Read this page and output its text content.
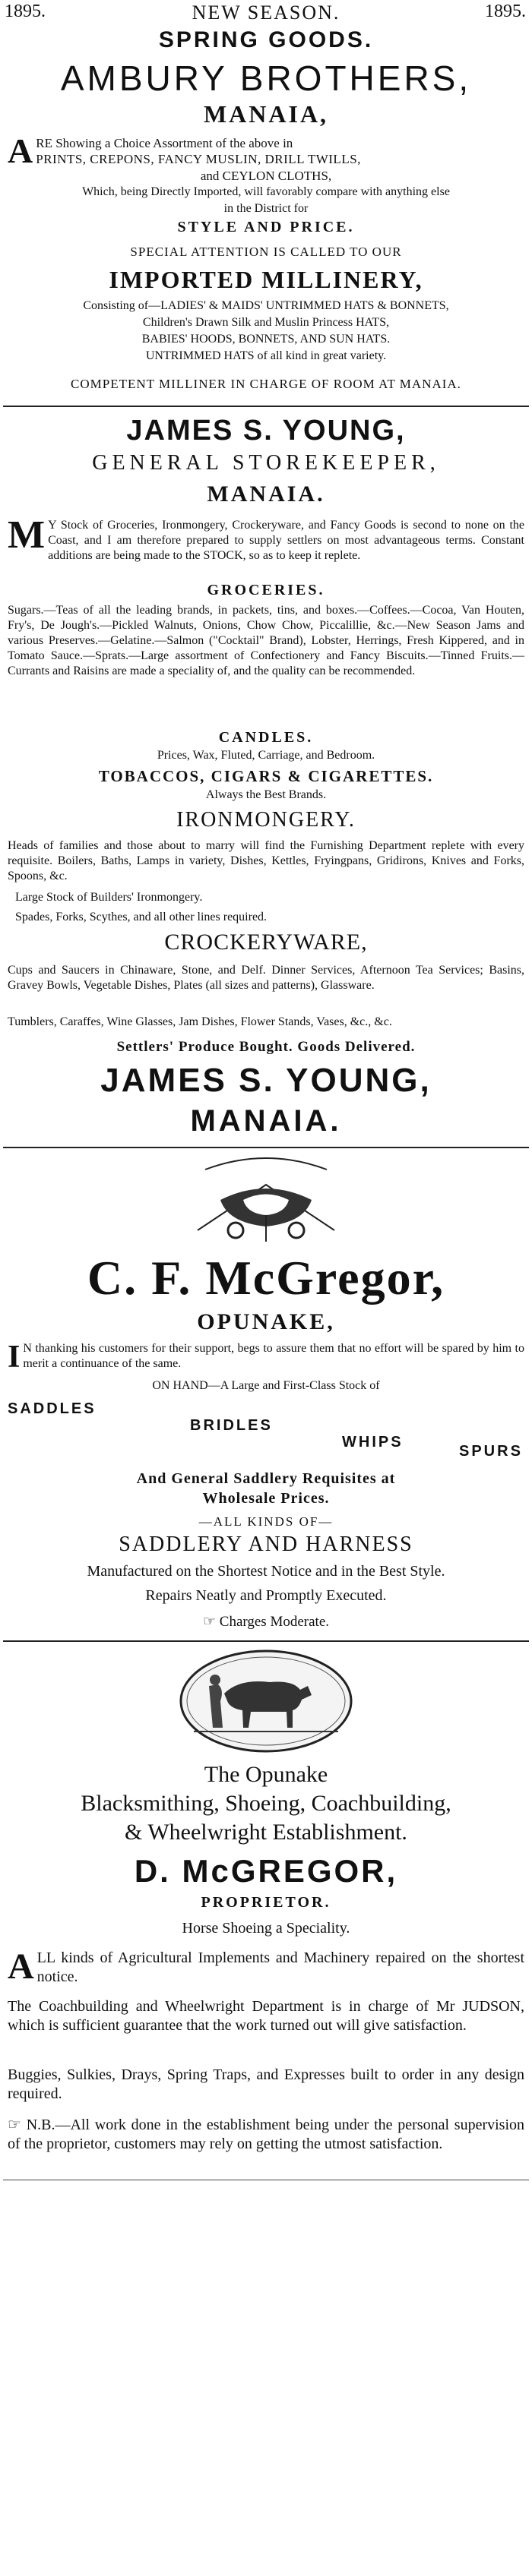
1895.	NEW SEASON.	1895.
SPRING GOODS.
AMBURY BROTHERS,
MANAIA,
A RE Showing a Choice Assortment of the above in

PRINTS, CREPONS, FANCY MUSLIN, DRILL TWILLS,

and CEYLON CLOTHS,
Which, being Directly Imported, will favorably compare with anything else
in the District for
STYLE AND PRICE.
SPECIAL ATTENTION IS CALLED TO OUR
IMPORTED MILLINERY,
Consisting of—LADIES' & MAIDS' UNTRIMMED HATS & BONNETS,
Children's Drawn Silk and Muslin Princess HATS,
BABIES' HOODS, BONNETS, AND SUN HATS.
UNTRIMMED HATS of all kind in great variety.
COMPETENT MILLINER IN CHARGE OF ROOM AT MANAIA.
JAMES S. YOUNG,
GENERAL STOREKEEPER,
MANAIA.
M Y Stock of Groceries, Ironmongery, Crockeryware, and Fancy Goods is second to none on the Coast, and I am therefore prepared to supply settlers on most advantageous terms. Constant additions are being made to the STOCK, so as to keep it replete.

GROCERIES.

Sugars.—Teas of all the leading brands, in packets, tins, and boxes.—Coffees.—Cocoa, Van Houten, Fry's, De Jough's.—Pickled Walnuts, Onions, Chow Chow, Piccalillie, &c.—New Season Jams and various Preserves.—Gelatine.—Salmon ("Cocktail" Brand), Lobster, Herrings, Fresh Kippered, and in Tomato Sauce.—Sprats.—Large assortment of Confectionery and Fancy Biscuits.—Tinned Fruits.—Currants and Raisins are made a speciality of, and the quality can be recommended.

CANDLES.
Prices, Wax, Fluted, Carriage, and Bedroom.
TOBACCOS, CIGARS & CIGARETTES.
Always the Best Brands.
IRONMONGERY.

Heads of families and those about to marry will find the Furnishing Department replete with every requisite. Boilers, Baths, Lamps in variety, Dishes, Kettles, Fryingpans, Gridirons, Knives and Forks, Spoons, &c.

Large Stock of Builders' Ironmongery.

Spades, Forks, Scythes, and all other lines required.

CROCKERYWARE,

Cups and Saucers in Chinaware, Stone, and Delf. Dinner Services, Afternoon Tea Services; Basins, Gravey Bowls, Vegetable Dishes, Plates (all sizes and patterns), Glassware.

Tumblers, Caraffes, Wine Glasses, Jam Dishes, Flower Stands, Vases, &c., &c.

Settlers' Produce Bought. Goods Delivered.
JAMES S. YOUNG,
MANAIA.
C. F. McGregor,
OPUNAKE,
I N thanking his customers for their support, begs to assure them that no effort will be spared by him to merit a continuance of the same.

ON HAND—A Large and First-Class Stock of
SADDLES
BRIDLES
WHIPS
SPURS
And General Saddlery Requisites at
Wholesale Prices.
—ALL KINDS OF—
SADDLERY AND HARNESS
Manufactured on the Shortest Notice and in the Best Style.
Repairs Neatly and Promptly Executed.
☞ Charges Moderate.
The Opunake
Blacksmithing, Shoeing, Coachbuilding,
& Wheelwright Establishment.
D. McGREGOR,
PROPRIETOR.
Horse Shoeing a Speciality.
A LL kinds of Agricultural Implements and Machinery repaired on the shortest notice.

The Coachbuilding and Wheelwright Department is in charge of Mr JUDSON, which is sufficient guarantee that the work turned out will give satisfaction.

Buggies, Sulkies, Drays, Spring Traps, and Expresses built to order in any design required.

☞ N.B.—All work done in the establishment being under the personal supervision of the proprietor, customers may rely on getting the utmost satisfaction.
